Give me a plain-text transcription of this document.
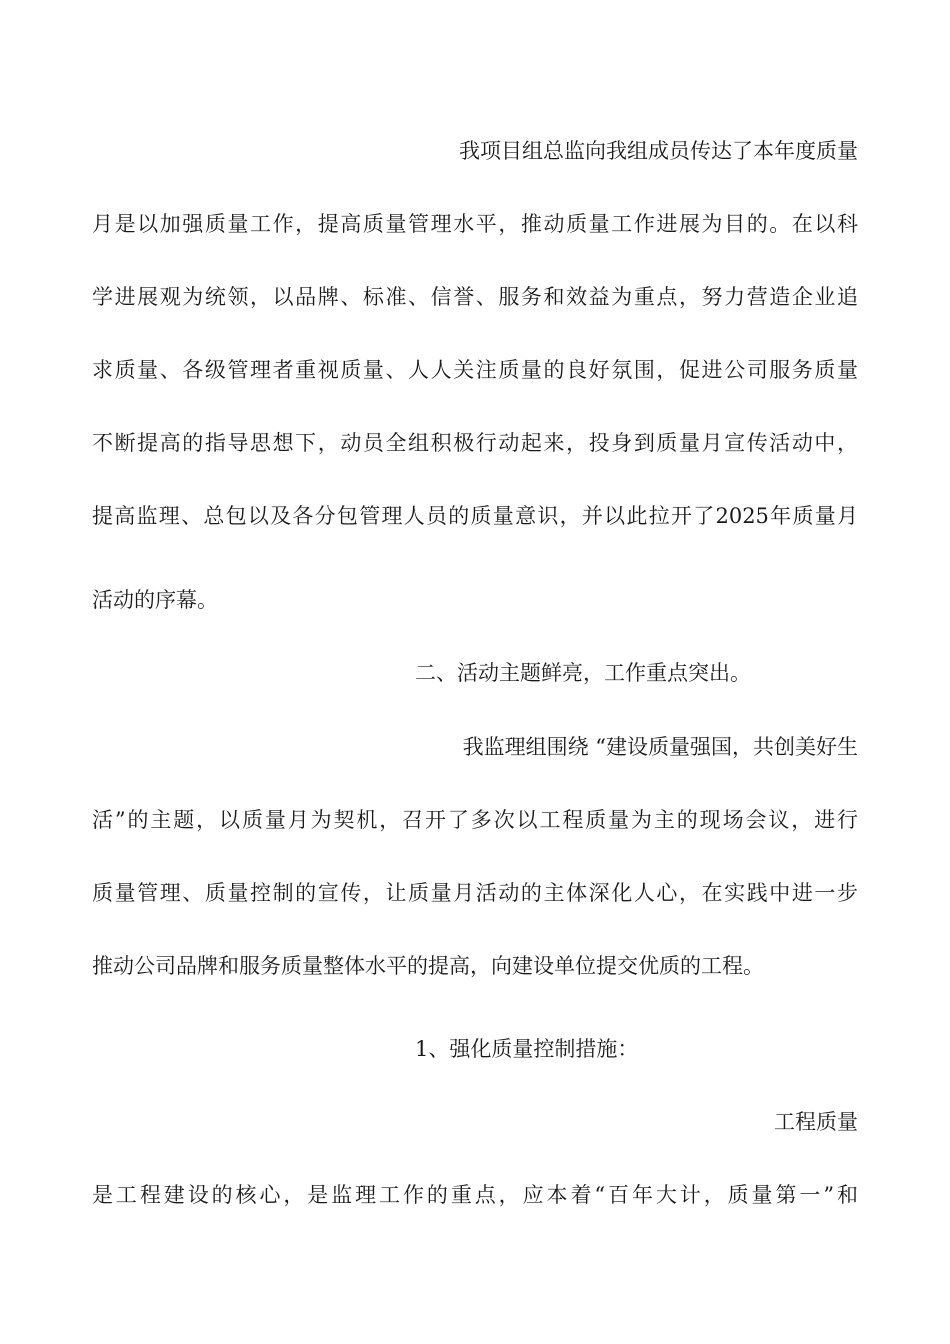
我项目组总监向我组成员传达了本年度质量
月是以加强质量工作，提高质量管理水平，推动质量工作进展为目的。在以科
学进展观为统领，以品牌、标准、信誉、服务和效益为重点，努力营造企业追
求质量、各级管理者重视质量、人人关注质量的良好氛围，促进公司服务质量
不断提高的指导思想下，动员全组积极行动起来，投身到质量月宣传活动中，
提高监理、总包以及各分包管理人员的质量意识，并以此拉开了2025年质量月
活动的序幕。
二、活动主题鲜亮，工作重点突出。
我监理组围绕 “建设质量强国，共创美好生
活”的主题，以质量月为契机，召开了多次以工程质量为主的现场会议，进行
质量管理、质量控制的宣传，让质量月活动的主体深化人心，在实践中进一步
推动公司品牌和服务质量整体水平的提高，向建设单位提交优质的工程。
1、强化质量控制措施：
工程质量
是工程建设的核心，是监理工作的重点，应本着“百年大计，质量第一”和
